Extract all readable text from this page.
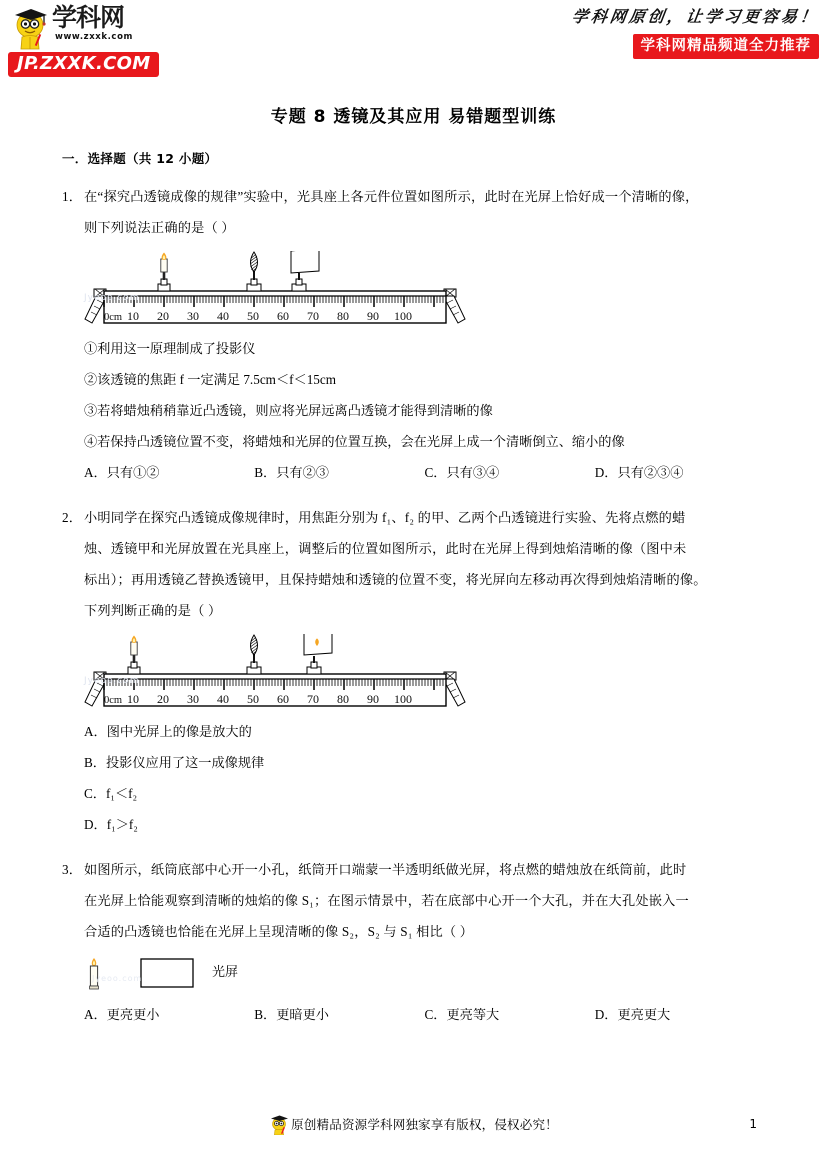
学科网
www.zxxk.com
JP.ZXXK.COM
学科网原创，让学习更容易！
学科网精品频道全力推荐
专题 8 透镜及其应用 易错题型训练
一．选择题（共 12 小题）
1． 在“探究凸透镜成像的规律”实验中，光具座上各元件位置如图所示，此时在光屏上恰好成一个清晰的像，
则下列说法正确的是（ ）
Jyeoo.com
0cm 10 20 30 40 50 60 70 80 90 100
①利用这一原理制成了投影仪
②该透镜的焦距 f 一定满足 7.5cm＜f＜15cm
③若将蜡烛稍稍靠近凸透镜，则应将光屏远离凸透镜才能得到清晰的像
④若保持凸透镜位置不变，将蜡烛和光屏的位置互换，会在光屏上成一个清晰倒立、缩小的像
A．只有①②	B．只有②③	C．只有③④	D．只有②③④
2． 小明同学在探究凸透镜成像规律时，用焦距分别为 f₁、f₂ 的甲、乙两个凸透镜进行实验、先将点燃的蜡
烛、透镜甲和光屏放置在光具座上，调整后的位置如图所示，此时在光屏上得到烛焰清晰的像（图中未
标出）；再用透镜乙替换透镜甲，且保持蜡烛和透镜的位置不变，将光屏向左移动再次得到烛焰清晰的像。
下列判断正确的是（ ）
Jyeoo.com
0cm 10 20 30 40 50 60 70 80 90 100
A．图中光屏上的像是放大的
B．投影仪应用了这一成像规律
C．f₁＜f₂
D．f₁＞f₂
3． 如图所示，纸筒底部中心开一小孔，纸筒开口端蒙一半透明纸做光屏，将点燃的蜡烛放在纸筒前，此时
在光屏上恰能观察到清晰的烛焰的像 S₁；在图示情景中，若在底部中心开一个大孔，并在大孔处嵌入一
合适的凸透镜也恰能在光屏上呈现清晰的像 S₂，S₂ 与 S₁ 相比（ ）
Jyeoo.com	光屏
A．更亮更小	B．更暗更小	C．更亮等大	D．更亮更大
原创精品资源学科网独家享有版权，侵权必究！	1
